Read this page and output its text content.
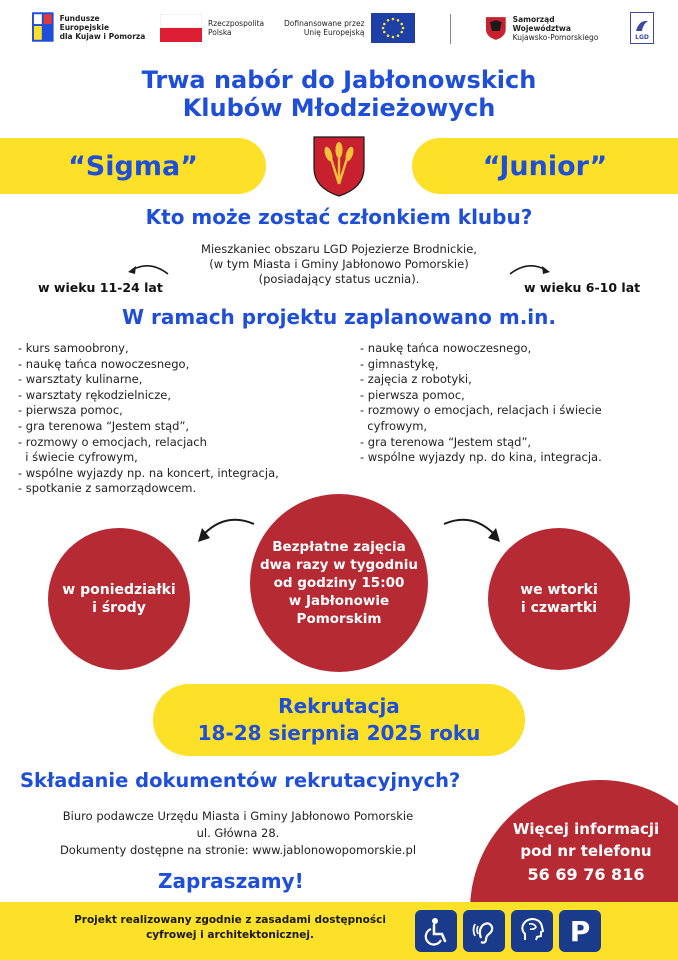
Fundusze Europejskie
dla Kujaw i Pomorza
Rzeczpospolita
Polska
Dofinansowane przez
Unię Europejską
Samorząd Województwa
Kujawsko-Pomorskiego	LGD
Trwa nabór do Jabłonowskich
Klubów Młodzieżowych
“Sigma”	“Junior”
Kto może zostać członkiem klubu?
Mieszkaniec obszaru LGD Pojezierze Brodnickie,
(w tym Miasta i Gminy Jabłonowo Pomorskie)
(posiadający status ucznia).
w wieku 11-24 lat	w wieku 6-10 lat
W ramach projektu zaplanowano m.in.
- kurs samoobrony,
- naukę tańca nowoczesnego,
- warsztaty kulinarne,
- warsztaty rękodzielnicze,
- pierwsza pomoc,
- gra terenowa “Jestem stąd”,
- rozmowy o emocjach, relacjach
i świecie cyfrowym,
- wspólne wyjazdy np. na koncert, integracja,
- spotkanie z samorządowcem.
- naukę tańca nowoczesnego,
- gimnastykę,
- zajęcia z robotyki,
- pierwsza pomoc,
- rozmowy o emocjach, relacjach i świecie
cyfrowym,
- gra terenowa “Jestem stąd”,
- wspólne wyjazdy np. do kina, integracja.
w poniedziałki
i środy
Bezpłatne zajęcia
dwa razy w tygodniu
od godziny 15:00
w Jabłonowie
Pomorskim
we wtorki
i czwartki
Rekrutacja
18-28 sierpnia 2025 roku
Składanie dokumentów rekrutacyjnych?
Biuro podawcze Urzędu Miasta i Gminy Jabłonowo Pomorskie
ul. Główna 28.
Dokumenty dostępne na stronie: www.jablonowopomorskie.pl
Zapraszamy!
Więcej informacji
pod nr telefonu
56 69 76 816
Projekt realizowany zgodnie z zasadami dostępności
cyfrowej i architektonicznej.	P
